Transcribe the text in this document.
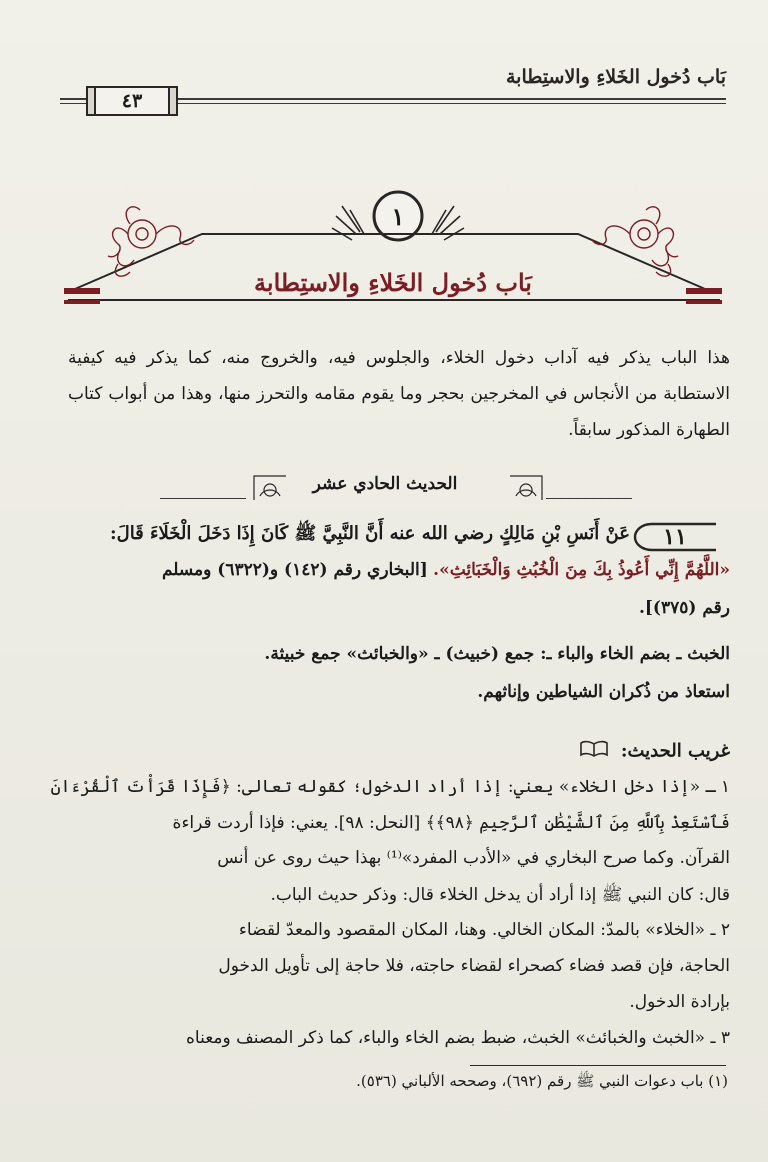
بَاب دُخول الخَلاءِ والاستِطابة
٤٣
١
بَاب دُخول الخَلاءِ والاستِطابة
هذا الباب يذكر فيه آداب دخول الخلاء، والجلوس فيه، والخروج منه، كما يذكر فيه كيفية الاستطابة من الأنجاس في المخرجين بحجر وما يقوم مقامه والتحرز منها، وهذا من أبواب كتاب الطهارة المذكور سابقاً.
الحديث الحادي عشر
١١
عَنْ أَنَسِ بْنِ مَالِكٍ رضي الله عنه أَنَّ النَّبِيَّ ﷺ كَانَ إِذَا دَخَلَ الْخَلَاءَ قَالَ:
«اللَّهُمَّ إِنِّي أَعُوذُ بِكَ مِنَ الْخُبُثِ وَالْخَبَائِثِ». [البخاري رقم (١٤٢) و(٦٣٢٢) ومسلم
رقم (٣٧٥)].
الخبث ـ بضم الخاء والباء ـ: جمع (خبيث) ـ «والخبائث» جمع خبيثة.
استعاذ من ذُكران الشياطين وإناثهم.
غريب الحديث:
١ ـ «إذا دخل الخلاء» يعني: إذا أراد الدخول؛ كقوله تعالى: ﴿فَإِذَا قَرَأْتَ ٱلْقُرْءَانَ
فَٱسْتَعِذْ بِٱللَّهِ مِنَ ٱلشَّيْطَٰنِ ٱلرَّجِيمِ ﴿٩٨﴾﴾ [النحل: ٩٨]. يعني: فإذا أردت قراءة
القرآن. وكما صرح البخاري في «الأدب المفرد»⁽¹⁾ بهذا حيث روى عن أنس
قال: كان النبي ﷺ إذا أراد أن يدخل الخلاء قال: وذكر حديث الباب.
٢ ـ «الخلاء» بالمدّ: المكان الخالي. وهنا، المكان المقصود والمعدّ لقضاء
الحاجة، فإن قصد فضاء كصحراء لقضاء حاجته، فلا حاجة إلى تأويل الدخول
بإرادة الدخول.
٣ ـ «الخبث والخبائث» الخبث، ضبط بضم الخاء والباء، كما ذكر المصنف ومعناه
(١) باب دعوات النبي ﷺ رقم (٦٩٢)، وصححه الألباني (٥٣٦).
